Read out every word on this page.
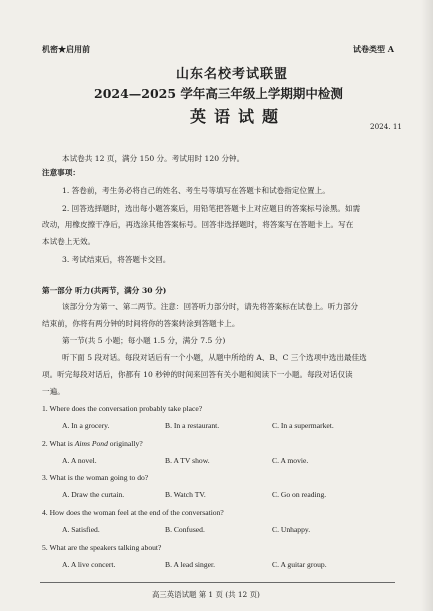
机密★启用前	试卷类型 A
山东名校考试联盟
2024—2025 学年高三年级上学期期中检测
英语试题
2024. 11
本试卷共 12 页，满分 150 分。考试用时 120 分钟。
注意事项：
1. 答卷前，考生务必将自己的姓名、考生号等填写在答题卡和试卷指定位置上。
2. 回答选择题时，选出每小题答案后，用铅笔把答题卡上对应题目的答案标号涂黑。如需
改动，用橡皮擦干净后，再选涂其他答案标号。回答非选择题时，将答案写在答题卡上。写在
本试卷上无效。
3. 考试结束后，将答题卡交回。
第一部分 听力(共两节，满分 30 分)
该部分分为第一、第二两节。注意：回答听力部分时，请先将答案标在试卷上。听力部分
结束前，你将有两分钟的时间将你的答案转涂到答题卡上。
第一节(共 5 小题；每小题 1.5 分，满分 7.5 分)
听下面 5 段对话。每段对话后有一个小题，从题中所给的 A、B、C 三个选项中选出最佳选
项。听完每段对话后，你都有 10 秒钟的时间来回答有关小题和阅读下一小题。每段对话仅读
一遍。
1. Where does the conversation probably take place?
A. In a grocery.	B. In a restaurant.	C. In a supermarket.
2. What is Aims Pond originally?
A. A novel.	B. A TV show.	C. A movie.
3. What is the woman going to do?
A. Draw the curtain.	B. Watch TV.	C. Go on reading.
4. How does the woman feel at the end of the conversation?
A. Satisfied.	B. Confused.	C. Unhappy.
5. What are the speakers talking about?
A. A live concert.	B. A lead singer.	C. A guitar group.
高三英语试题 第 1 页 (共 12 页)
